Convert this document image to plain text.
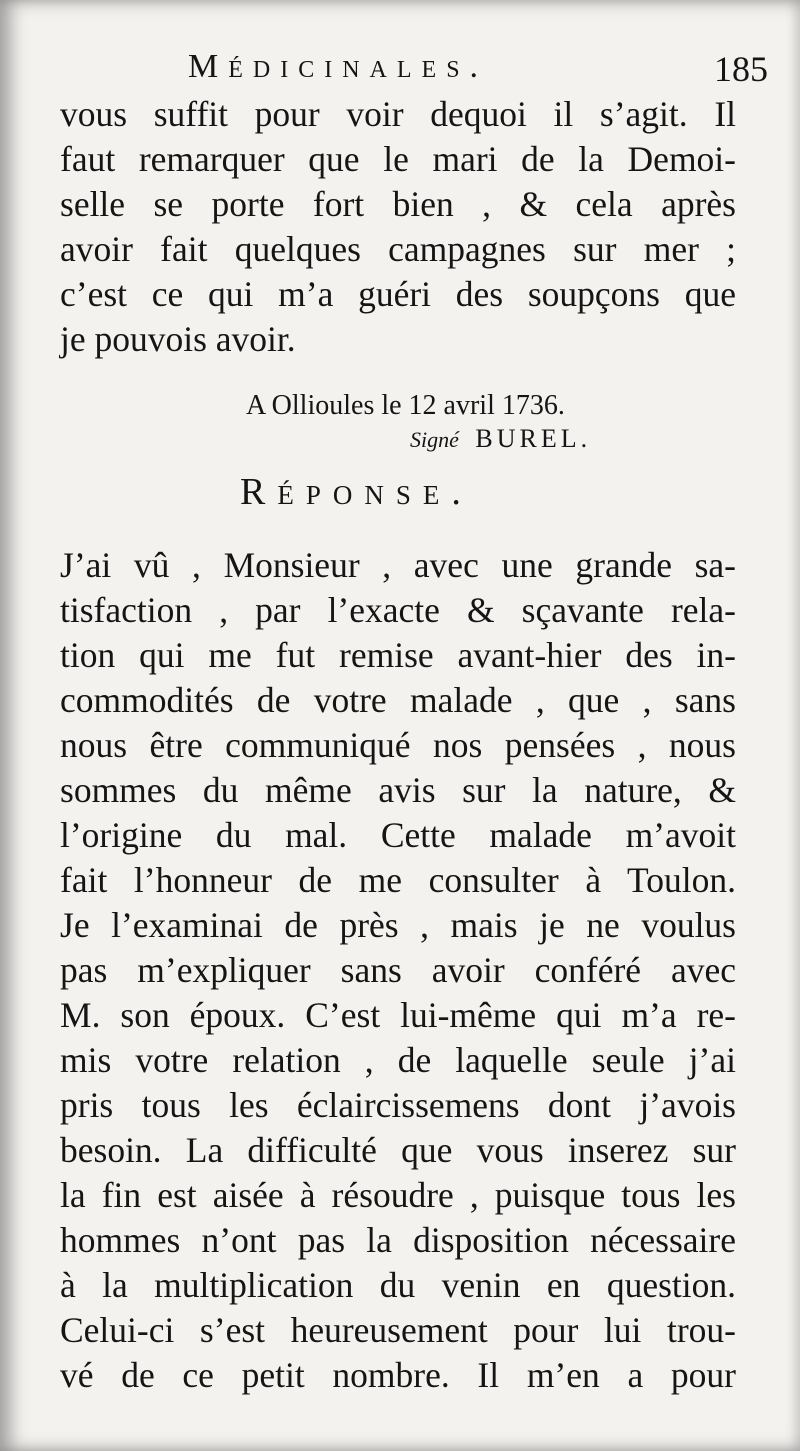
Médicinales.	185
vous suffit pour voir dequoi il s’agit. Il
faut remarquer que le mari de la Demoi-
selle se porte fort bien , & cela après
avoir fait quelques campagnes sur mer ;
c’est ce qui m’a guéri des soupçons que
je pouvois avoir.
A Ollioules le 12 avril 1736.
Signé BUREL.
Réponse.
J’ai vû , Monsieur , avec une grande sa-
tisfaction , par l’exacte & sçavante rela-
tion qui me fut remise avant-hier des in-
commodités de votre malade , que , sans
nous être communiqué nos pensées , nous
sommes du même avis sur la nature, &
l’origine du mal. Cette malade m’avoit
fait l’honneur de me consulter à Toulon.
Je l’examinai de près , mais je ne voulus
pas m’expliquer sans avoir conféré avec
M. son époux. C’est lui-même qui m’a re-
mis votre relation , de laquelle seule j’ai
pris tous les éclaircissemens dont j’avois
besoin. La difficulté que vous inserez sur
la fin est aisée à résoudre , puisque tous les
hommes n’ont pas la disposition nécessaire
à la multiplication du venin en question.
Celui-ci s’est heureusement pour lui trou-
vé de ce petit nombre. Il m’en a pour
